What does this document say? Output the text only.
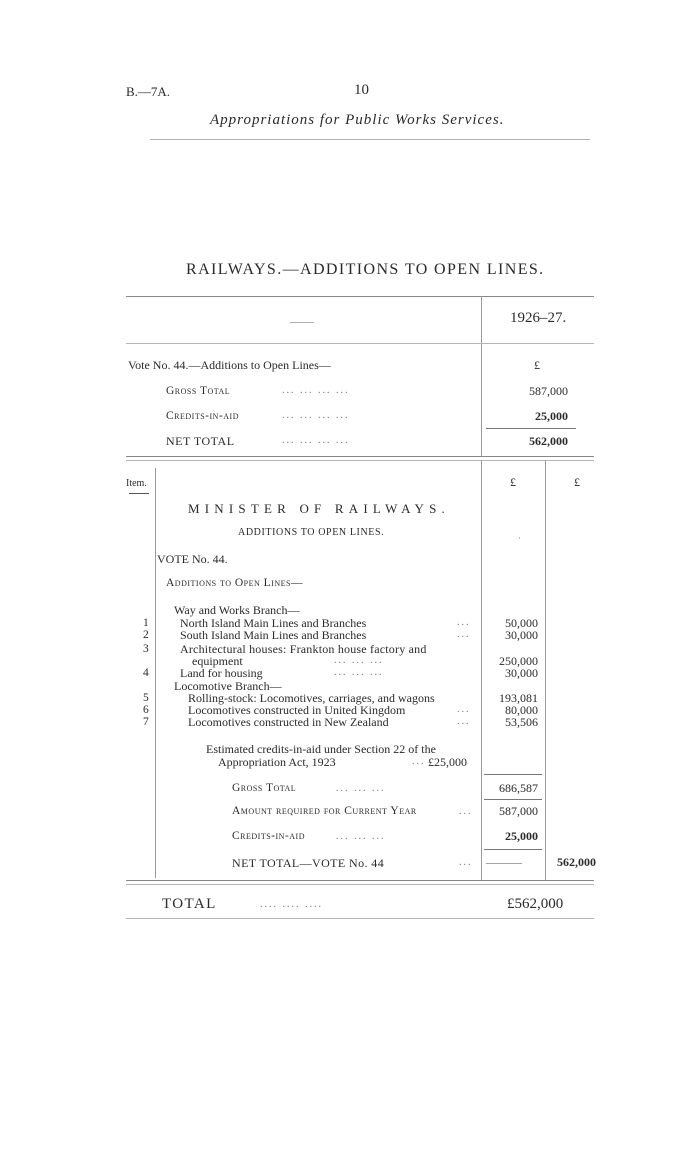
B.—7A.	10
Appropriations for Public Works Services.
RAILWAYS.—ADDITIONS TO OPEN LINES.
——	1926–27.
Vote No. 44.—Additions to Open Lines—	£
Gross Total	... ... ... ...	587,000
Credits-in-aid	... ... ... ...	25,000
NET TOTAL	... ... ... ...	562,000
Item.	£	£
MINISTER OF RAILWAYS.
ADDITIONS TO OPEN LINES.	·
VOTE No. 44.
Additions to Open Lines—
Way and Works Branch—
1	North Island Main Lines and Branches	...	50,000
2	South Island Main Lines and Branches	...	30,000
3	Architectural houses: Frankton house factory and
equipment	... ... ...	250,000
4	Land for housing	... ... ...	30,000
Locomotive Branch—
5	Rolling-stock: Locomotives, carriages, and wagons	193,081
6	Locomotives constructed in United Kingdom	...	80,000
7	Locomotives constructed in New Zealand	...	53,506
Estimated credits-in-aid under Section 22 of the
Appropriation Act, 1923	... £25,000
Gross Total	... ... ...	686,587
Amount required for Current Year	...	587,000
Credits-in-aid	... ... ...	25,000
NET TOTAL—VOTE No. 44	... ———	562,000
TOTAL	.... .... ....	£562,000
